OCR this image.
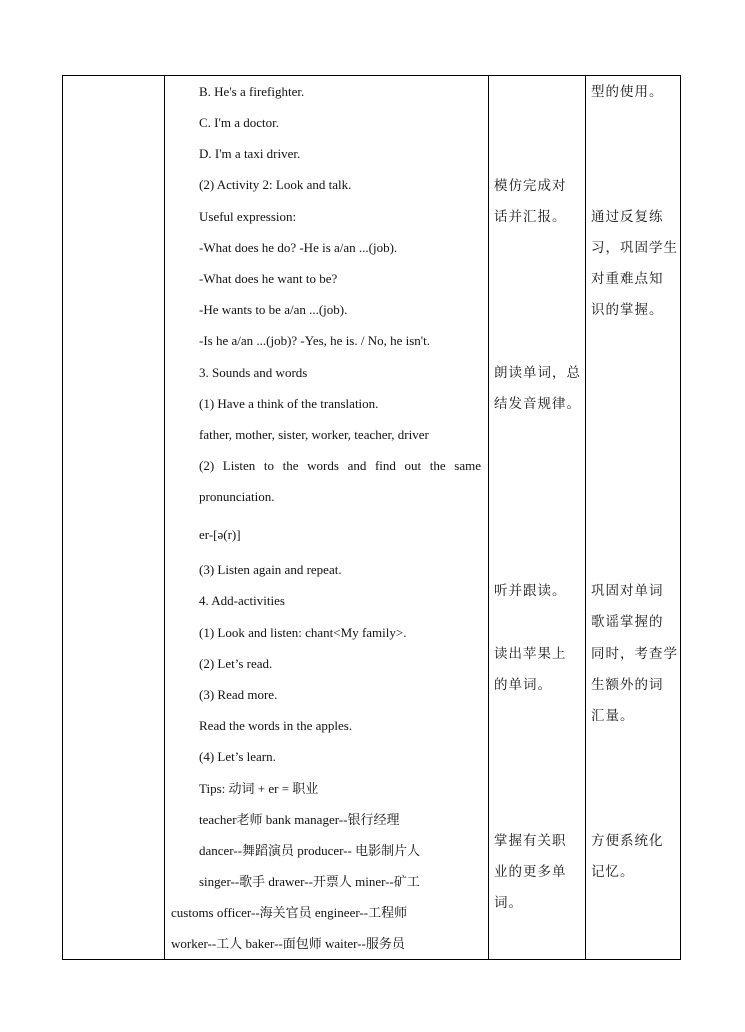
B. He's a firefighter.
C. I'm a doctor.
D. I'm a taxi driver.
(2) Activity 2: Look and talk.
Useful expression:
-What does he do? -He is a/an ...(job).
-What does he want to be?
-He wants to be a/an ...(job).
-Is he a/an ...(job)? -Yes, he is. / No, he isn't.
3. Sounds and words
(1) Have a think of the translation.
father, mother, sister, worker, teacher, driver
(2) Listen to the words and find out the same
pronunciation.
er-[ə(r)]
(3) Listen again and repeat.
4. Add-activities
(1) Look and listen: chant<My family>.
(2) Let’s read.
(3) Read more.
Read the words in the apples.
(4) Let’s learn.
Tips: 动词 + er = 职业
teacher老师 bank manager--银行经理
dancer--舞蹈演员 producer-- 电影制片人
singer--歌手 drawer--开票人 miner--矿工
customs officer--海关官员 engineer--工程师
worker--工人 baker--面包师 waiter--服务员
模仿完成对
话并汇报。
朗读单词，总
结发音规律。
听并跟读。
读出苹果上
的单词。
掌握有关职
业的更多单
词。
型的使用。
通过反复练
习，巩固学生
对重难点知
识的掌握。
巩固对单词
歌谣掌握的
同时，考查学
生额外的词
汇量。
方便系统化
记忆。
